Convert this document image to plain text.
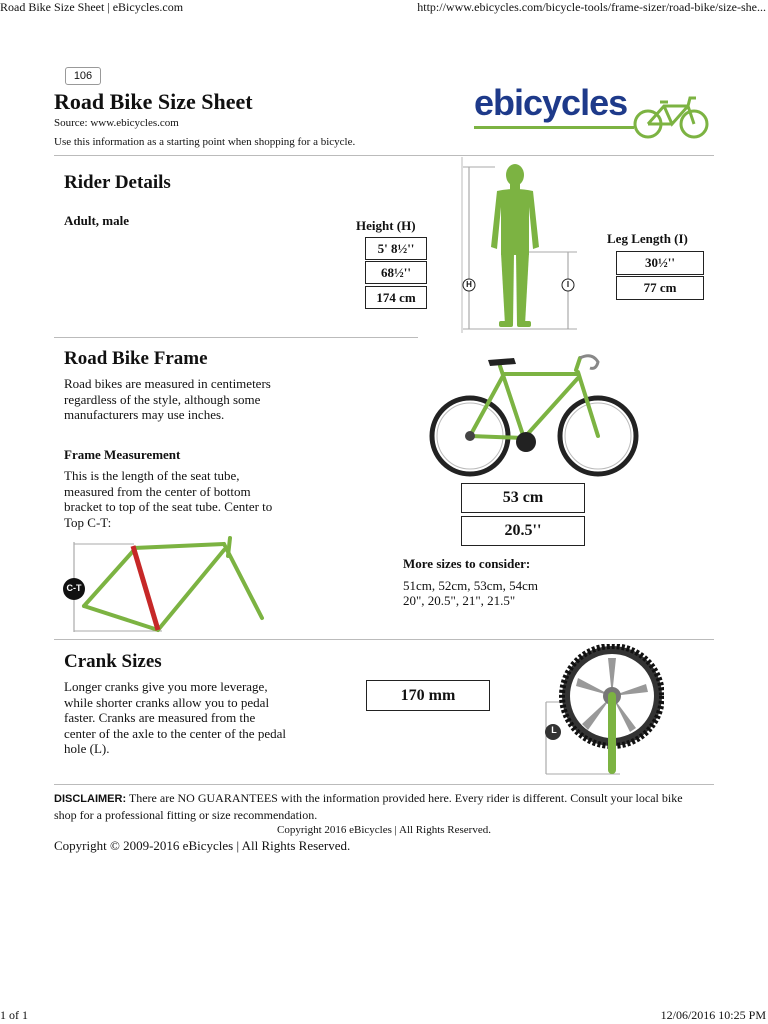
Road Bike Size Sheet | eBicycles.com	http://www.ebicycles.com/bicycle-tools/frame-sizer/road-bike/size-she...
106
Road Bike Size Sheet
Source: www.ebicycles.com
Use this information as a starting point when shopping for a bicycle.
ebicycles
Rider Details
Adult, male	Height (H)
5' 8½''
68½''
174 cm
H	I
Leg Length (I)
30½''
77 cm
Road Bike Frame
Road bikes are measured in centimeters regardless of the style, although some manufacturers may use inches.
Frame Measurement
This is the length of the seat tube, measured from the center of bottom bracket to top of the seat tube. Center to Top C-T:
C-T
53 cm
20.5''
More sizes to consider:
51cm, 52cm, 53cm, 54cm
20", 20.5", 21", 21.5"
Crank Sizes
Longer cranks give you more leverage, while shorter cranks allow you to pedal faster. Cranks are measured from the center of the axle to the center of the pedal hole (L).
170 mm
L
DISCLAIMER: There are NO GUARANTEES with the information provided here. Every rider is different. Consult your local bike shop for a professional fitting or size recommendation.
Copyright 2016 eBicycles | All Rights Reserved.
Copyright © 2009-2016 eBicycles | All Rights Reserved.
1 of 1	12/06/2016 10:25 PM
